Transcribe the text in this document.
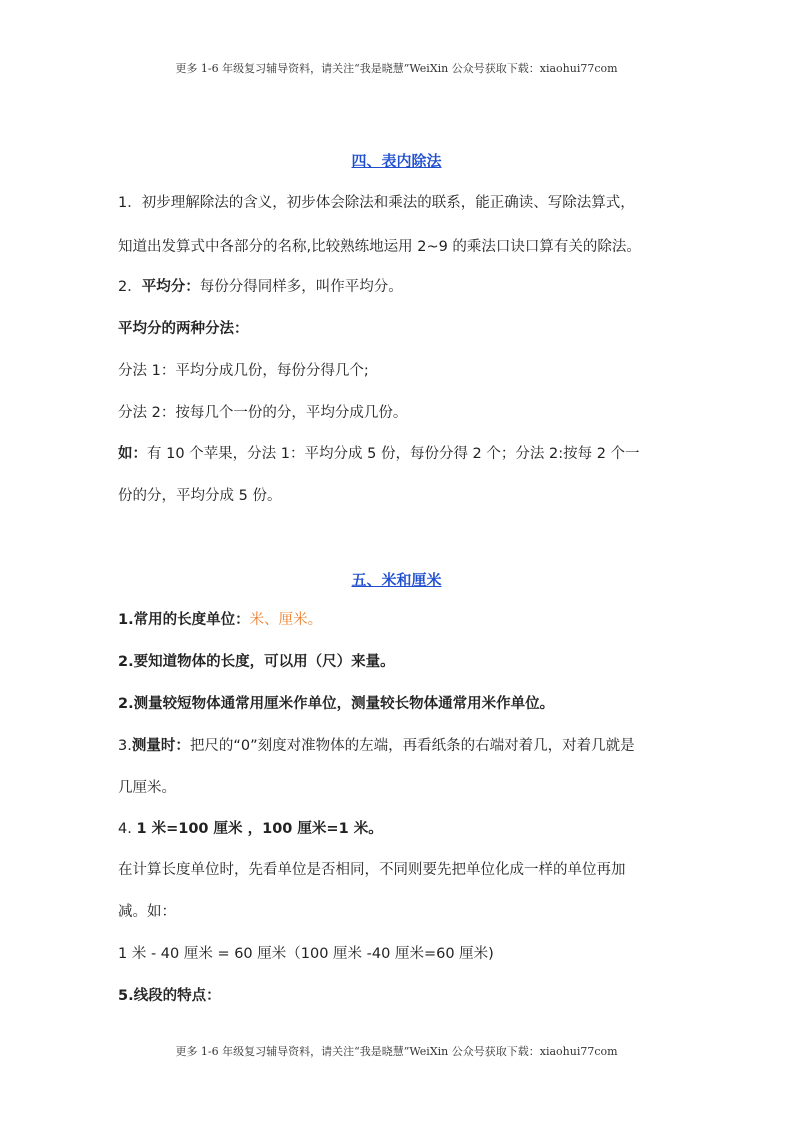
更多 1-6 年级复习辅导资料，请关注“我是晓慧”WeiXin 公众号获取下载：xiaohui77com
四、表内除法
1．初步理解除法的含义，初步体会除法和乘法的联系，能正确读、写除法算式，
知道出发算式中各部分的名称,比较熟练地运用 2~9 的乘法口诀口算有关的除法。
2．平均分：每份分得同样多，叫作平均分。
平均分的两种分法：
分法 1：平均分成几份，每份分得几个;
分法 2：按每几个一份的分，平均分成几份。
如：有 10 个苹果，分法 1：平均分成 5 份，每份分得 2 个；分法 2:按每 2 个一
份的分，平均分成 5 份。
五、米和厘米
1.常用的长度单位：米、厘米。
2.要知道物体的长度，可以用（尺）来量。
2.测量较短物体通常用厘米作单位，测量较长物体通常用米作单位。
3.测量时：把尺的“0”刻度对准物体的左端，再看纸条的右端对着几，对着几就是
几厘米。
4. 1 米=100 厘米 ，100 厘米=1 米。
在计算长度单位时，先看单位是否相同，不同则要先把单位化成一样的单位再加
减。如：
1 米 - 40 厘米 = 60 厘米（100 厘米 -40 厘米=60 厘米)
5.线段的特点：
更多 1-6 年级复习辅导资料，请关注“我是晓慧”WeiXin 公众号获取下载：xiaohui77com
